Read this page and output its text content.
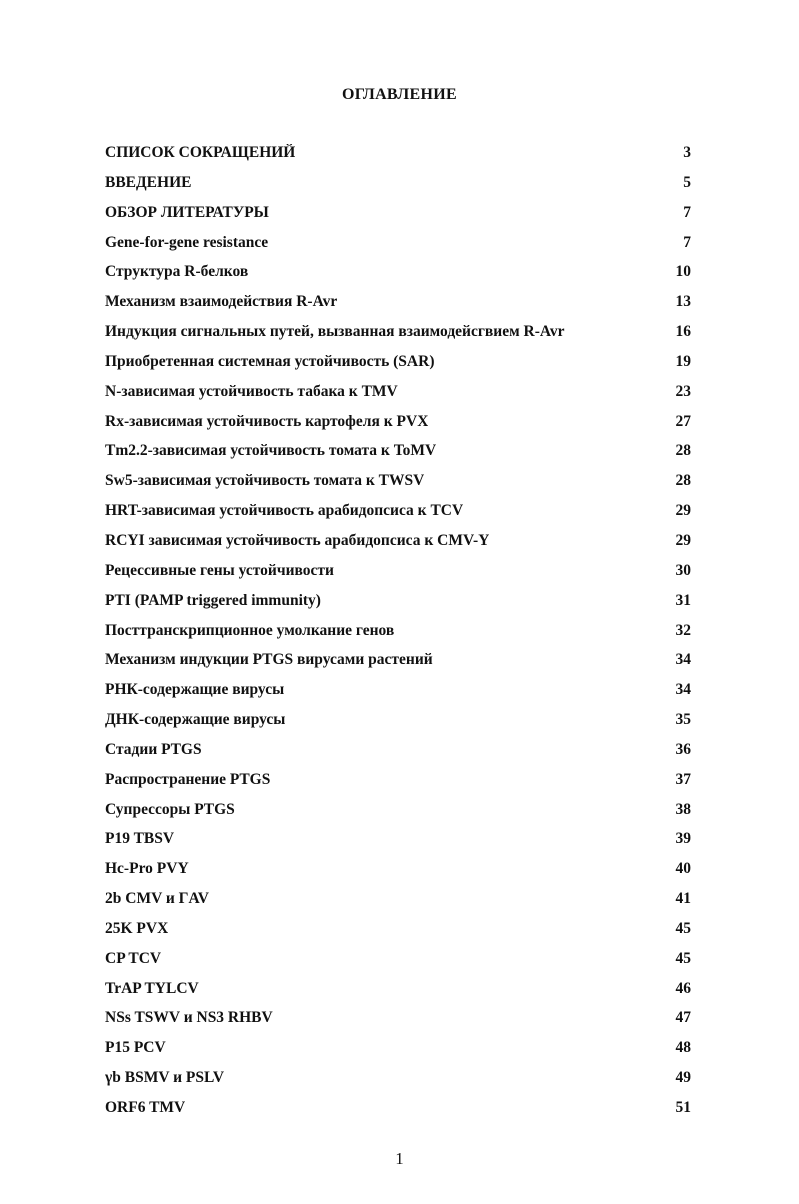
ОГЛАВЛЕНИЕ
СПИСОК СОКРАЩЕНИЙ	3
ВВЕДЕНИЕ	5
ОБЗОР ЛИТЕРАТУРЫ	7
Gene-for-gene resistance	7
Структура R-белков	10
Механизм взаимодействия R-Avr	13
Индукция сигнальных путей, вызванная взаимодейсгвием R-Avr	16
Приобретенная системная устойчивость (SAR)	19
N-зависимая устойчивость табака к TMV	23
Rx-зависимая устойчивость картофеля к PVX	27
Tm2.2-зависимая устойчивость томата к ToMV	28
Sw5-зависимая устойчивость томата к TWSV	28
HRT-зависимая устойчивость арабидопсиса к TCV	29
RCYI зависимая устойчивость арабидопсиса к CMV-Y	29
Рецессивные гены устойчивости	30
PTI (PAMP triggered immunity)	31
Посттранскрипционное умолкание генов	32
Механизм индукции PTGS вирусами растений	34
РНК-содержащие вирусы	34
ДНК-содержащие вирусы	35
Стадии PTGS	36
Распространение PTGS	37
Супрессоры PTGS	38
P19 TBSV	39
Hc-Pro PVY	40
2b CMV и ГAV	41
25K PVX	45
CP TCV	45
TrAP TYLCV	46
NSs TSWV и NS3 RHBV	47
P15 PCV	48
γb BSMV и PSLV	49
ORF6 TMV	51
1
